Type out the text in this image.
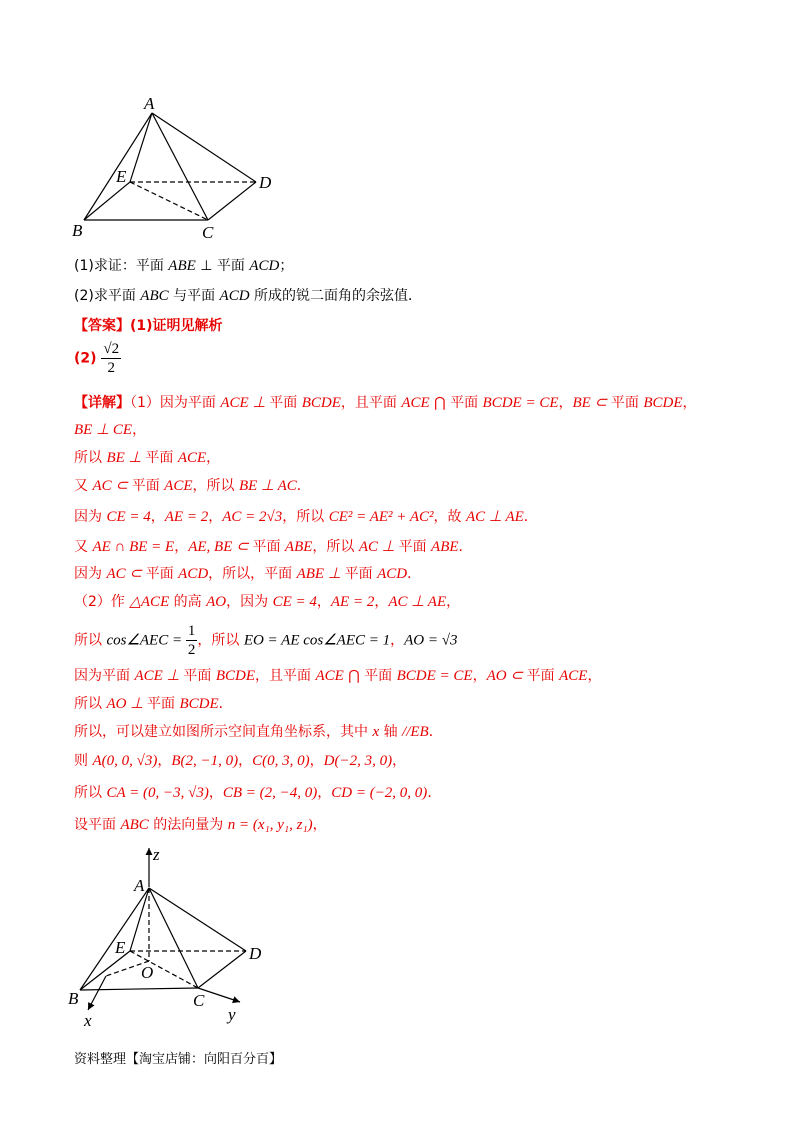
A
B	C
D
E
(1)求证：平面 ABE ⊥ 平面 ACD；
(2)求平面 ABC 与平面 ACD 所成的锐二面角的余弦值．
【答案】(1)证明见解析
$(2) \frac{√2}{2}$
【详解】（1）因为平面 ACE ⊥ 平面 BCDE，且平面 ACE ⋂ 平面 BCDE = CE，BE ⊂ 平面 BCDE，
BE ⊥ CE，
所以 BE ⊥ 平面 ACE，
又 AC ⊂ 平面 ACE，所以 BE ⊥ AC．
因为 CE = 4，AE = 2，AC = 2√3，所以 CE² = AE² + AC²，故 AC ⊥ AE．
又 AE ∩ BE = E，AE, BE ⊂ 平面 ABE，所以 AC ⊥ 平面 ABE．
因为 AC ⊂ 平面 ACD，所以，平面 ABE ⊥ 平面 ACD．
（2）作 △ACE 的高 AO，因为 CE = 4，AE = 2，AC ⊥ AE，
所以 cos∠AEC = $\frac{1}{2}$ ，所以 EO = AE cos∠AEC = 1，AO = √3
因为平面 ACE ⊥ 平面 BCDE，且平面 ACE ⋂ 平面 BCDE = CE，AO ⊂ 平面 ACE，
所以 AO ⊥ 平面 BCDE．
所以，可以建立如图所示空间直角坐标系，其中 x 轴 //EB．
则 A(0, 0, √3)，B(2, −1, 0)，C(0, 3, 0)，D(−2, 3, 0)，
所以 CA = (0, −3, √3)，CB = (2, −4, 0)，CD = (−2, 0, 0)．
设平面 ABC 的法向量为 n = (x₁, y₁, z₁)，
z
A
E
O
D
B	C
x	y
资料整理【淘宝店铺：向阳百分百】
